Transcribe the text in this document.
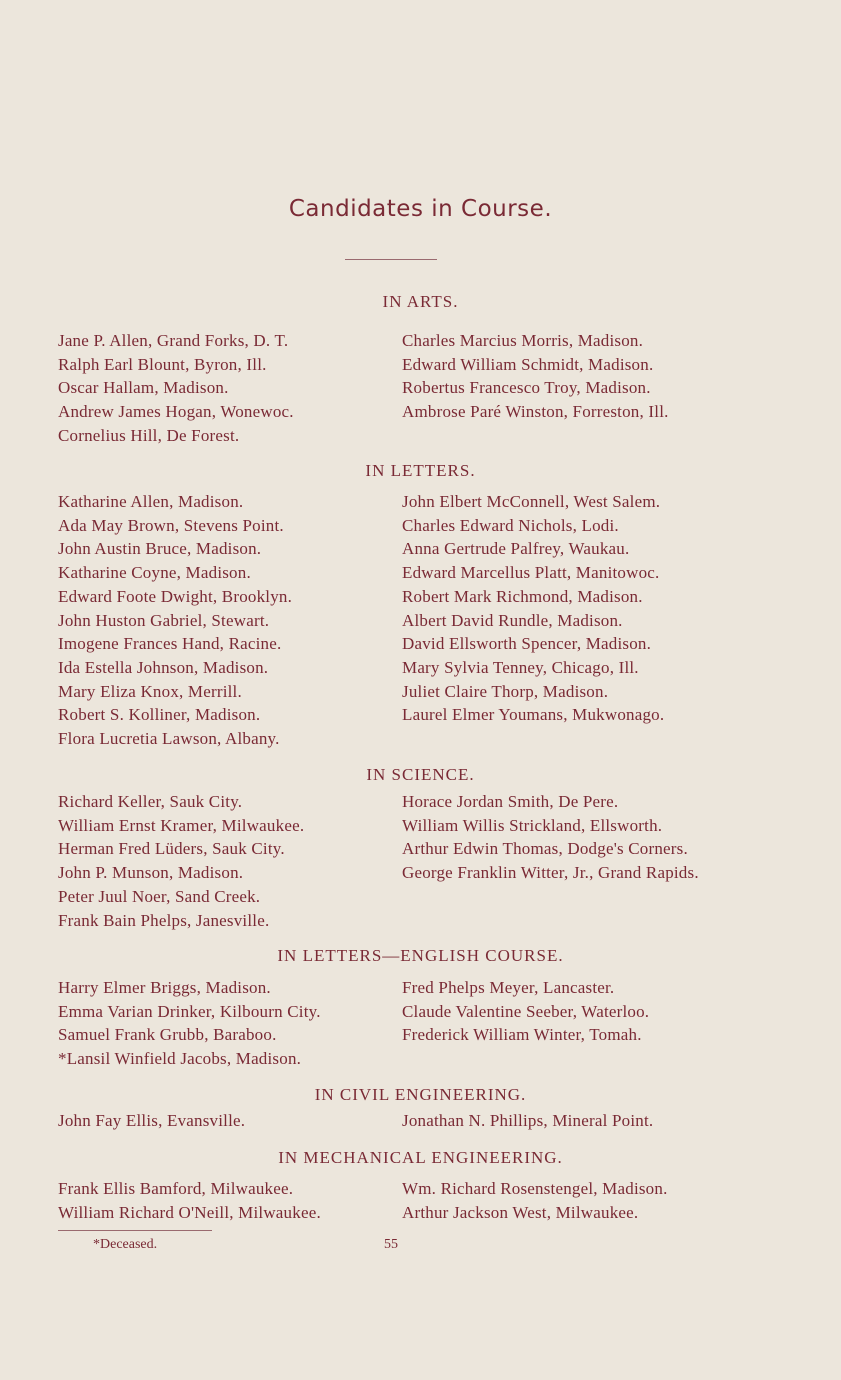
Candidates in Course.
IN ARTS.
Jane P. Allen, Grand Forks, D. T.
Ralph Earl Blount, Byron, Ill.
Oscar Hallam, Madison.
Andrew James Hogan, Wonewoc.
Cornelius Hill, De Forest.
Charles Marcius Morris, Madison.
Edward William Schmidt, Madison.
Robertus Francesco Troy, Madison.
Ambrose Paré Winston, Forreston, Ill.
IN LETTERS.
Katharine Allen, Madison.
Ada May Brown, Stevens Point.
John Austin Bruce, Madison.
Katharine Coyne, Madison.
Edward Foote Dwight, Brooklyn.
John Huston Gabriel, Stewart.
Imogene Frances Hand, Racine.
Ida Estella Johnson, Madison.
Mary Eliza Knox, Merrill.
Robert S. Kolliner, Madison.
Flora Lucretia Lawson, Albany.
John Elbert McConnell, West Salem.
Charles Edward Nichols, Lodi.
Anna Gertrude Palfrey, Waukau.
Edward Marcellus Platt, Manitowoc.
Robert Mark Richmond, Madison.
Albert David Rundle, Madison.
David Ellsworth Spencer, Madison.
Mary Sylvia Tenney, Chicago, Ill.
Juliet Claire Thorp, Madison.
Laurel Elmer Youmans, Mukwonago.
IN SCIENCE.
Richard Keller, Sauk City.
William Ernst Kramer, Milwaukee.
Herman Fred Lüders, Sauk City.
John P. Munson, Madison.
Peter Juul Noer, Sand Creek.
Frank Bain Phelps, Janesville.
Horace Jordan Smith, De Pere.
William Willis Strickland, Ellsworth.
Arthur Edwin Thomas, Dodge's Corners.
George Franklin Witter, Jr., Grand Rapids.
IN LETTERS—ENGLISH COURSE.
Harry Elmer Briggs, Madison.
Emma Varian Drinker, Kilbourn City.
Samuel Frank Grubb, Baraboo.
*Lansil Winfield Jacobs, Madison.
Fred Phelps Meyer, Lancaster.
Claude Valentine Seeber, Waterloo.
Frederick William Winter, Tomah.
IN CIVIL ENGINEERING.
John Fay Ellis, Evansville.	Jonathan N. Phillips, Mineral Point.
IN MECHANICAL ENGINEERING.
Frank Ellis Bamford, Milwaukee.
William Richard O'Neill, Milwaukee.
Wm. Richard Rosenstengel, Madison.
Arthur Jackson West, Milwaukee.
*Deceased.	55
